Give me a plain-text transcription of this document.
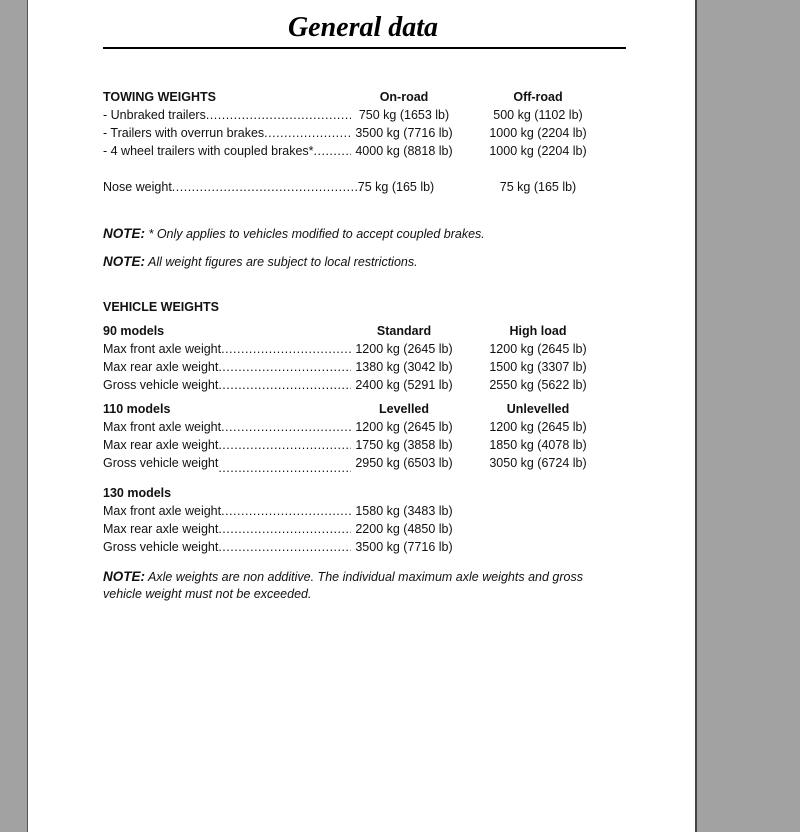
General data
TOWING WEIGHTS	On-road	Off-road
- Unbraked trailers .....	750 kg (1653 lb)	500 kg (1102 lb)
- Trailers with overrun brakes .....	3500 kg (7716 lb)	1000 kg (2204 lb)
- 4 wheel trailers with coupled brakes* .....	4000 kg (8818 lb)	1000 kg (2204 lb)
Nose weight .....	75 kg (165 lb)	75 kg (165 lb)
NOTE: * Only applies to vehicles modified to accept coupled brakes.
NOTE: All weight figures are subject to local restrictions.
VEHICLE WEIGHTS
90 models	Standard	High load
Max front axle weight .....	1200 kg (2645 lb)	1200 kg (2645 lb)
Max rear axle weight .....	1380 kg (3042 lb)	1500 kg (3307 lb)
Gross vehicle weight .....	2400 kg (5291 lb)	2550 kg (5622 lb)
110 models	Levelled	Unlevelled
Max front axle weight .....	1200 kg (2645 lb)	1200 kg (2645 lb)
Max rear axle weight .....	1750 kg (3858 lb)	1850 kg (4078 lb)
Gross vehicle weight .....	2950 kg (6503 lb)	3050 kg (6724 lb)
130 models
Max front axle weight .....	1580 kg (3483 lb)
Max rear axle weight .....	2200 kg (4850 lb)
Gross vehicle weight .....	3500 kg (7716 lb)
NOTE: Axle weights are non additive. The individual maximum axle weights and gross vehicle weight must not be exceeded.
